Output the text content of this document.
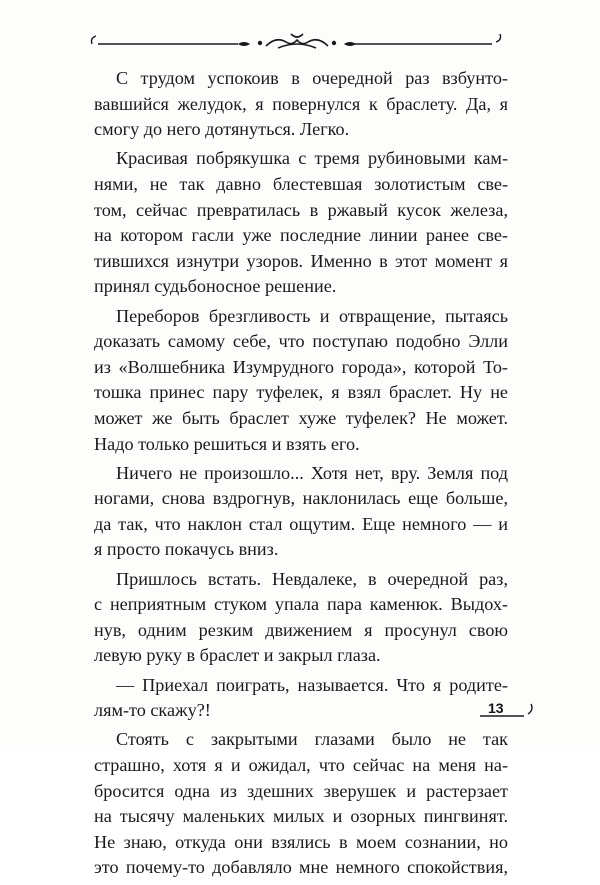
С трудом успокоив в очередной раз взбунто-
вавшийся желудок, я повернулся к браслету. Да, я
смогу до него дотянуться. Легко.

Красивая побрякушка с тремя рубиновыми кам-
нями, не так давно блестевшая золотистым све-
том, сейчас превратилась в ржавый кусок железа,
на котором гасли уже последние линии ранее све-
тившихся изнутри узоров. Именно в этот момент я
принял судьбоносное решение.

Переборов брезгливость и отвращение, пытаясь
доказать самому себе, что поступаю подобно Элли
из «Волшебника Изумрудного города», которой То-
тошка принес пару туфелек, я взял браслет. Ну не
может же быть браслет хуже туфелек? Не может.
Надо только решиться и взять его.

Ничего не произошло... Хотя нет, вру. Земля под
ногами, снова вздрогнув, наклонилась еще больше,
да так, что наклон стал ощутим. Еще немного — и
я просто покачусь вниз.

Пришлось встать. Невдалеке, в очередной раз,
с неприятным стуком упала пара каменюк. Выдох-
нув, одним резким движением я просунул свою
левую руку в браслет и закрыл глаза.

— Приехал поиграть, называется. Что я родите-
лям-то скажу?!

Стоять с закрытыми глазами было не так
страшно, хотя я и ожидал, что сейчас на меня на-
бросится одна из здешних зверушек и растерзает
на тысячу маленьких милых и озорных пингвинят.
Не знаю, откуда они взялись в моем сознании, но
это почему-то добавляло мне немного спокойствия,

13
